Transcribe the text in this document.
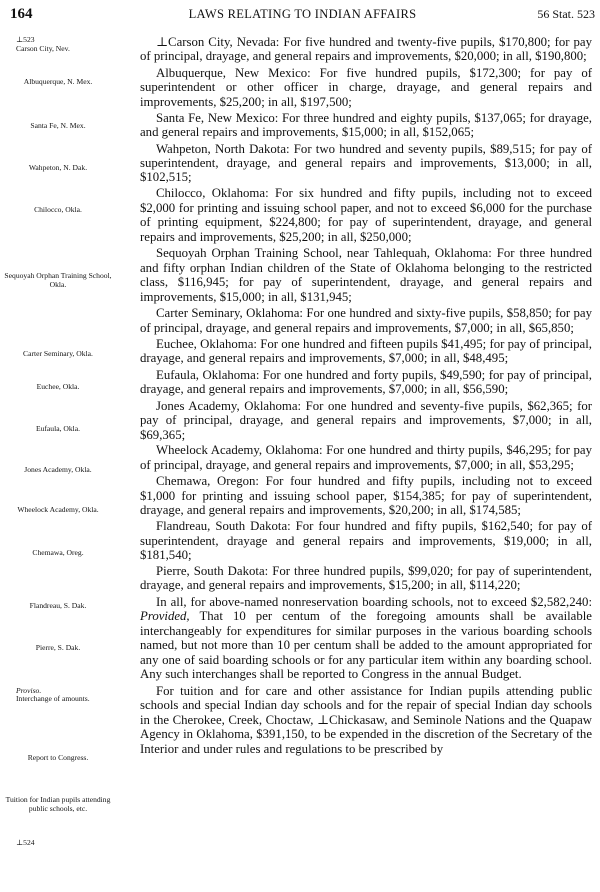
164	LAWS RELATING TO INDIAN AFFAIRS	56 Stat. 523
⊥523
Carson City, Nev.
Albuquerque, N. Mex.
Santa Fe, N. Mex.
Wahpeton, N. Dak.
Chilocco, Okla.
Sequoyah Orphan Training School, Okla.
Carter Seminary, Okla.
Euchee, Okla.
Eufaula, Okla.
Jones Academy, Okla.
Wheelock Academy, Okla.
Chemawa, Oreg.
Flandreau, S. Dak.
Pierre, S. Dak.
Proviso.
Interchange of amounts.
Report to Congress.
Tuition for Indian pupils attending public schools, etc.
⊥524

⊥Carson City, Nevada: For five hundred and twenty-five pupils, $170,800; for pay of principal, drayage, and general repairs and improvements, $20,000; in all, $190,800;

Albuquerque, New Mexico: For five hundred pupils, $172,300; for pay of superintendent or other officer in charge, drayage, and general repairs and improvements, $25,200; in all, $197,500;

Santa Fe, New Mexico: For three hundred and eighty pupils, $137,065; for drayage, and general repairs and improvements, $15,000; in all, $152,065;

Wahpeton, North Dakota: For two hundred and seventy pupils, $89,515; for pay of superintendent, drayage, and general repairs and improvements, $13,000; in all, $102,515;

Chilocco, Oklahoma: For six hundred and fifty pupils, including not to exceed $2,000 for printing and issuing school paper, and not to exceed $6,000 for the purchase of printing equipment, $224,800; for pay of superintendent, drayage, and general repairs and improvements, $25,200; in all, $250,000;

Sequoyah Orphan Training School, near Tahlequah, Oklahoma: For three hundred and fifty orphan Indian children of the State of Oklahoma belonging to the restricted class, $116,945; for pay of superintendent, drayage, and general repairs and improvements, $15,000; in all, $131,945;

Carter Seminary, Oklahoma: For one hundred and sixty-five pupils, $58,850; for pay of principal, drayage, and general repairs and improvements, $7,000; in all, $65,850;

Euchee, Oklahoma: For one hundred and fifteen pupils $41,495; for pay of principal, drayage, and general repairs and improvements, $7,000; in all, $48,495;

Eufaula, Oklahoma: For one hundred and forty pupils, $49,590; for pay of principal, drayage, and general repairs and improvements, $7,000; in all, $56,590;

Jones Academy, Oklahoma: For one hundred and seventy-five pupils, $62,365; for pay of principal, drayage, and general repairs and improvements, $7,000; in all, $69,365;

Wheelock Academy, Oklahoma: For one hundred and thirty pupils, $46,295; for pay of principal, drayage, and general repairs and improvements, $7,000; in all, $53,295;

Chemawa, Oregon: For four hundred and fifty pupils, including not to exceed $1,000 for printing and issuing school paper, $154,385; for pay of superintendent, drayage, and general repairs and improvements, $20,200; in all, $174,585;

Flandreau, South Dakota: For four hundred and fifty pupils, $162,540; for pay of superintendent, drayage and general repairs and improvements, $19,000; in all, $181,540;

Pierre, South Dakota: For three hundred pupils, $99,020; for pay of superintendent, drayage, and general repairs and improvements, $15,200; in all, $114,220;

In all, for above-named nonreservation boarding schools, not to exceed $2,582,240: Provided, That 10 per centum of the foregoing amounts shall be available interchangeably for expenditures for similar purposes in the various boarding schools named, but not more than 10 per centum shall be added to the amount appropriated for any one of said boarding schools or for any particular item within any boarding school. Any such interchanges shall be reported to Congress in the annual Budget.

For tuition and for care and other assistance for Indian pupils attending public schools and special Indian day schools and for the repair of special Indian day schools in the Cherokee, Creek, Choctaw, ⊥Chickasaw, and Seminole Nations and the Quapaw Agency in Oklahoma, $391,150, to be expended in the discretion of the Secretary of the Interior and under rules and regulations to be prescribed by
